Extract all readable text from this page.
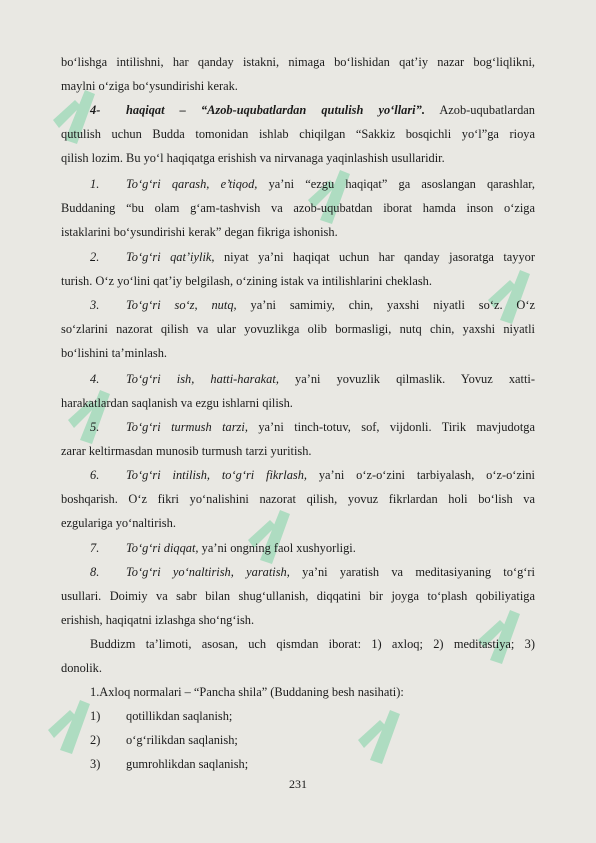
bo‘lishga intilishni, har qanday istakni, nimaga bo‘lishidan qat’iy nazar bog‘liqlikni,
maylni o‘ziga bo‘ysundirishi kerak.
4- haqiqat – “Azob-uqubatlardan qutulish yo‘llari”. Azob-uqubatlardan
qutulish uchun Budda tomonidan ishlab chiqilgan “Sakkiz bosqichli yo‘l”ga rioya
qilish lozim. Bu yo‘l haqiqatga erishish va nirvanaga yaqinlashish usullaridir.
1. To‘g‘ri qarash, e’tiqod, ya’ni “ezgu haqiqat” ga asoslangan qarashlar,
Buddaning “bu olam g‘am-tashvish va azob-uqubatdan iborat hamda inson o‘ziga
istaklarini bo‘ysundirishi kerak” degan fikriga ishonish.
2. To‘g‘ri qat’iylik, niyat ya’ni haqiqat uchun har qanday jasoratga tayyor
turish. O‘z yo‘lini qat’iy belgilash, o‘zining istak va intilishlarini cheklash.
3. To‘g‘ri so‘z, nutq, ya’ni samimiy, chin, yaxshi niyatli so‘z. O‘z
so‘zlarini nazorat qilish va ular yovuzlikga olib bormasligi, nutq chin, yaxshi niyatli
bo‘lishini ta’minlash.
4. To‘g‘ri ish, hatti-harakat, ya’ni yovuzlik qilmaslik. Yovuz xatti-
harakatlardan saqlanish va ezgu ishlarni qilish.
5. To‘g‘ri turmush tarzi, ya’ni tinch-totuv, sof, vijdonli. Tirik mavjudotga
zarar keltirmasdan munosib turmush tarzi yuritish.
6. To‘g‘ri intilish, to‘g‘ri fikrlash, ya’ni o‘z-o‘zini tarbiyalash, o‘z-o‘zini
boshqarish. O‘z fikri yo‘nalishini nazorat qilish, yovuz fikrlardan holi bo‘lish va
ezgulariga yo‘naltirish.
7. To‘g‘ri diqqat, ya’ni ongning faol xushyorligi.
8. To‘g‘ri yo‘naltirish, yaratish, ya’ni yaratish va meditasiyaning to‘g‘ri
usullari. Doimiy va sabr bilan shug‘ullanish, diqqatini bir joyga to‘plash qobiliyatiga
erishish, haqiqatni izlashga sho‘ng‘ish.
Buddizm ta’limoti, asosan, uch qismdan iborat: 1) axloq; 2) meditastiya; 3)
donolik.
1.Axloq normalari – “Pancha shila” (Buddaning besh nasihati):
1) qotillikdan saqlanish;
2) o‘g‘rilikdan saqlanish;
3) gumrohlikdan saqlanish;
231
